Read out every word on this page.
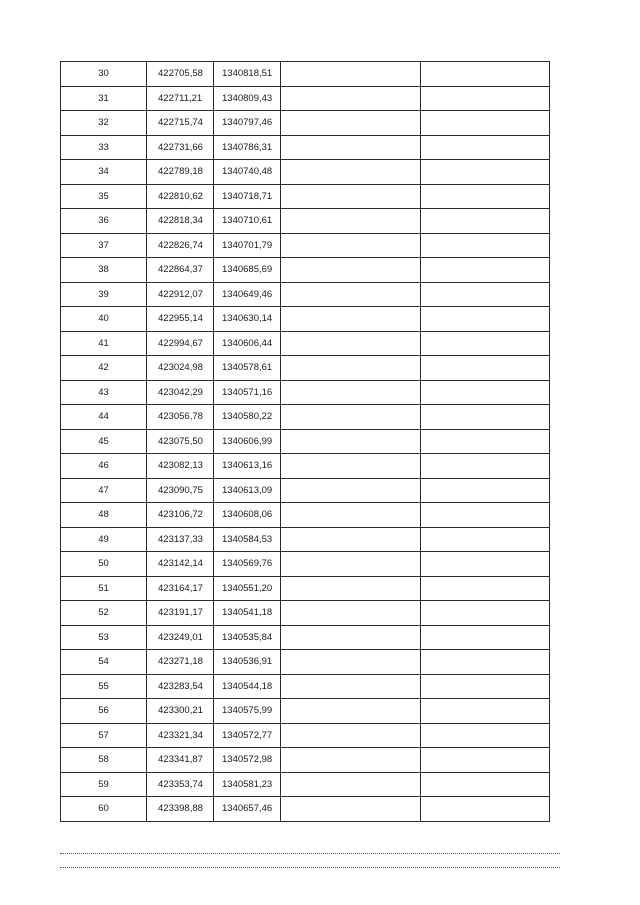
30	422705,58	1340818,51		
31	422711,21	1340809,43		
32	422715,74	1340797,46		
33	422731,66	1340786,31		
34	422789,18	1340740,48		
35	422810,62	1340718,71		
36	422818,34	1340710,61		
37	422826,74	1340701,79		
38	422864,37	1340685,69		
39	422912,07	1340649,46		
40	422955,14	1340630,14		
41	422994,67	1340606,44		
42	423024,98	1340578,61		
43	423042,29	1340571,16		
44	423056,78	1340580,22		
45	423075,50	1340606,99		
46	423082,13	1340613,16		
47	423090,75	1340613,09		
48	423106,72	1340608,06		
49	423137,33	1340584,53		
50	423142,14	1340569,76		
51	423164,17	1340551,20		
52	423191,17	1340541,18		
53	423249,01	1340535,84		
54	423271,18	1340536,91		
55	423283,54	1340544,18		
56	423300,21	1340575,99		
57	423321,34	1340572,77		
58	423341,87	1340572,98		
59	423353,74	1340581,23		
60	423398,88	1340657,46		
